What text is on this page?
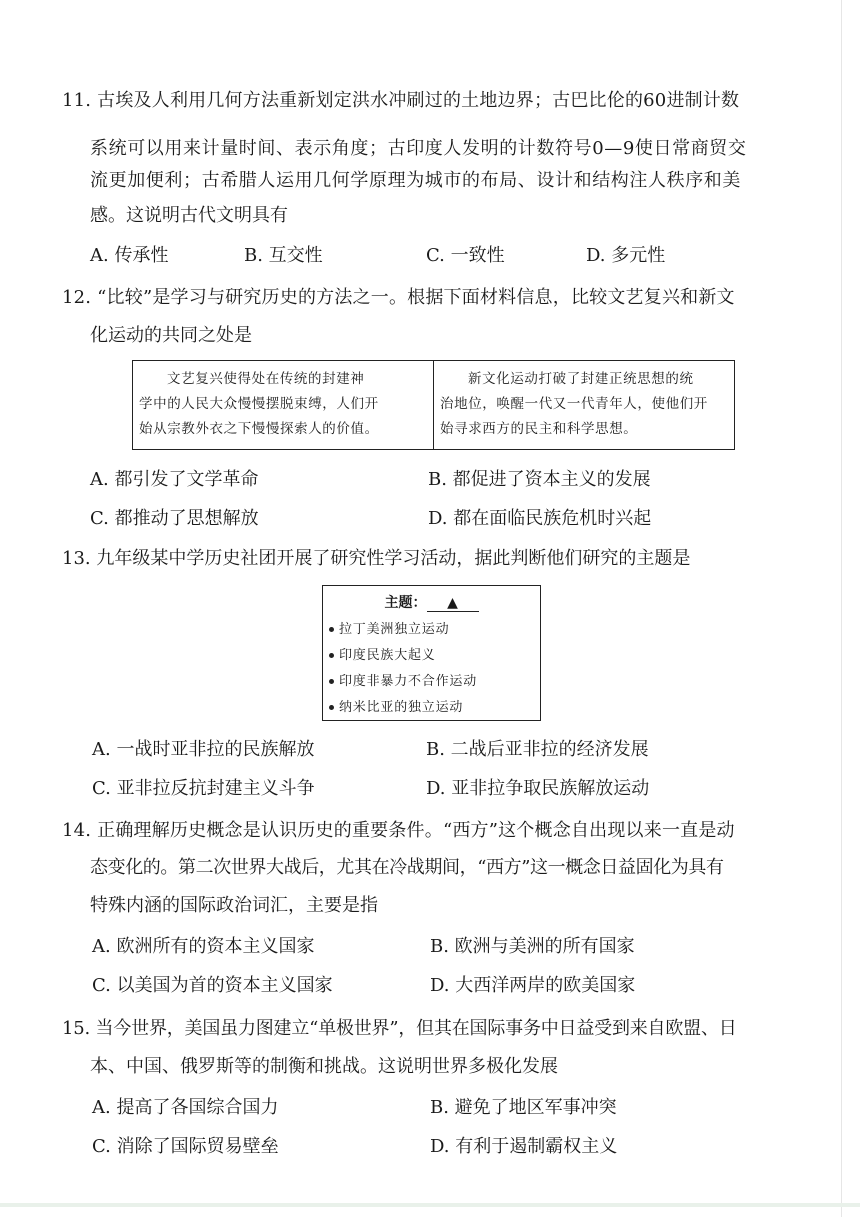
11. 古埃及人利用几何方法重新划定洪水冲刷过的土地边界；古巴比伦的60进制计数
系统可以用来计量时间、表示角度；古印度人发明的计数符号0—9使日常商贸交
流更加便利；古希腊人运用几何学原理为城市的布局、设计和结构注人秩序和美
感。这说明古代文明具有
A. 传承性	B. 互交性	C. 一致性	D. 多元性
12. “比较”是学习与研究历史的方法之一。根据下面材料信息，比较文艺复兴和新文
化运动的共同之处是
文艺复兴使得处在传统的封建神
学中的人民大众慢慢摆脱束缚，人们开
始从宗教外衣之下慢慢探索人的价值。

新文化运动打破了封建正统思想的统
治地位，唤醒一代又一代青年人，使他们开
始寻求西方的民主和科学思想。
A. 都引发了文学革命	B. 都促进了资本主义的发展
C. 都推动了思想解放	D. 都在面临民族危机时兴起
13. 九年级某中学历史社团开展了研究性学习活动，据此判断他们研究的主题是
主题： ▲
拉丁美洲独立运动
印度民族大起义
印度非暴力不合作运动
纳米比亚的独立运动
A. 一战时亚非拉的民族解放	B. 二战后亚非拉的经济发展
C. 亚非拉反抗封建主义斗争	D. 亚非拉争取民族解放运动
14. 正确理解历史概念是认识历史的重要条件。“西方”这个概念自出现以来一直是动
态变化的。第二次世界大战后，尤其在冷战期间，“西方”这一概念日益固化为具有
特殊内涵的国际政治词汇，主要是指
A. 欧洲所有的资本主义国家	B. 欧洲与美洲的所有国家
C. 以美国为首的资本主义国家	D. 大西洋两岸的欧美国家
15. 当今世界，美国虽力图建立“单极世界”，但其在国际事务中日益受到来自欧盟、日
本、中国、俄罗斯等的制衡和挑战。这说明世界多极化发展
A. 提高了各国综合国力	B. 避免了地区军事冲突
C. 消除了国际贸易壁垒	D. 有利于遏制霸权主义
